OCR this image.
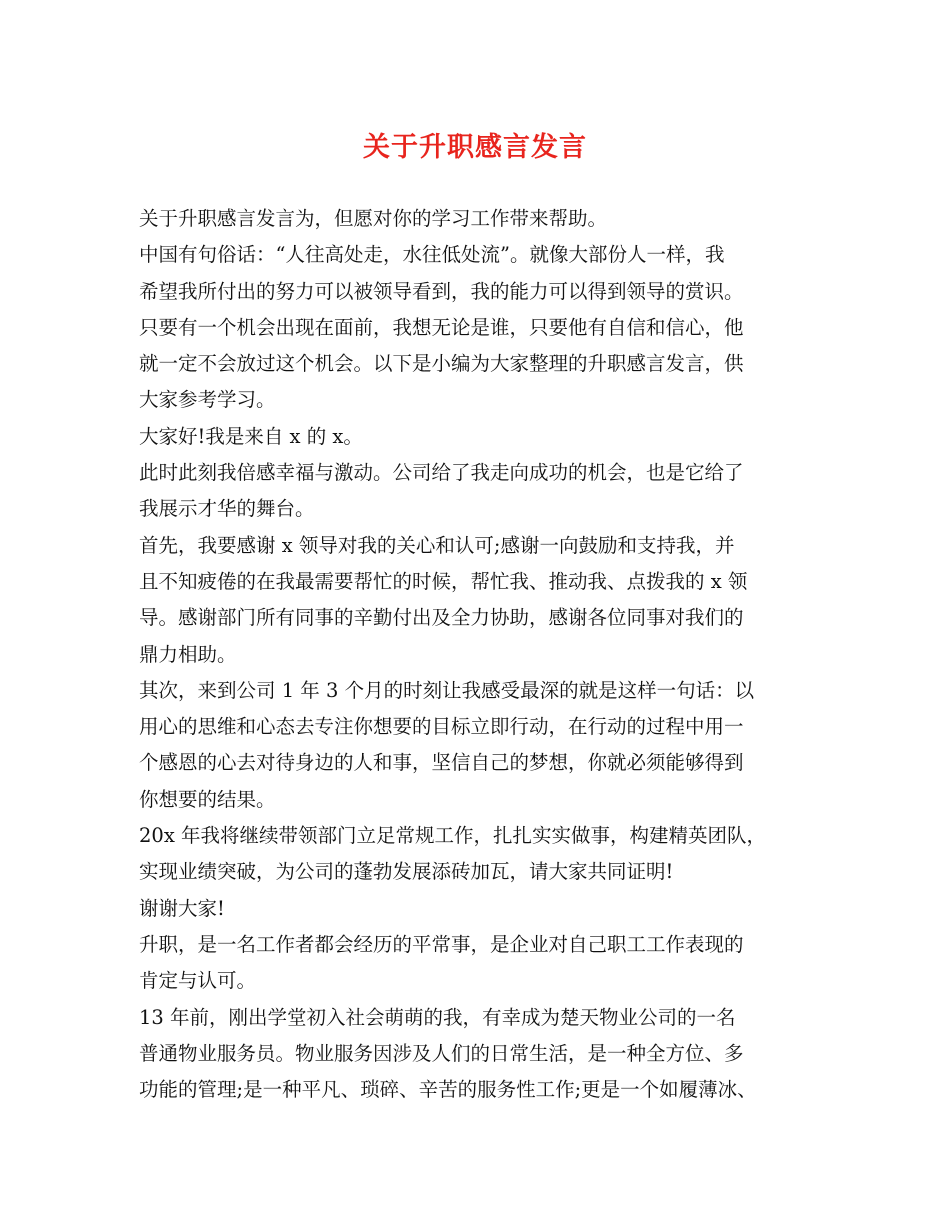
关于升职感言发言
关于升职感言发言为，但愿对你的学习工作带来帮助。
中国有句俗话：“人往高处走，水往低处流”。就像大部份人一样，我
希望我所付出的努力可以被领导看到，我的能力可以得到领导的赏识。
只要有一个机会出现在面前，我想无论是谁，只要他有自信和信心，他
就一定不会放过这个机会。以下是小编为大家整理的升职感言发言，供
大家参考学习。
大家好!我是来自 x 的 x。
此时此刻我倍感幸福与激动。公司给了我走向成功的机会，也是它给了
我展示才华的舞台。
首先，我要感谢 x 领导对我的关心和认可;感谢一向鼓励和支持我，并
且不知疲倦的在我最需要帮忙的时候，帮忙我、推动我、点拨我的 x 领
导。感谢部门所有同事的辛勤付出及全力协助，感谢各位同事对我们的
鼎力相助。
其次，来到公司 1 年 3 个月的时刻让我感受最深的就是这样一句话：以
用心的思维和心态去专注你想要的目标立即行动，在行动的过程中用一
个感恩的心去对待身边的人和事，坚信自己的梦想，你就必须能够得到
你想要的结果。
20x 年我将继续带领部门立足常规工作，扎扎实实做事，构建精英团队，
实现业绩突破，为公司的蓬勃发展添砖加瓦，请大家共同证明!
谢谢大家!
升职，是一名工作者都会经历的平常事，是企业对自己职工工作表现的
肯定与认可。
13 年前，刚出学堂初入社会萌萌的我，有幸成为楚天物业公司的一名
普通物业服务员。物业服务因涉及人们的日常生活，是一种全方位、多
功能的管理;是一种平凡、琐碎、辛苦的服务性工作;更是一个如履薄冰、
